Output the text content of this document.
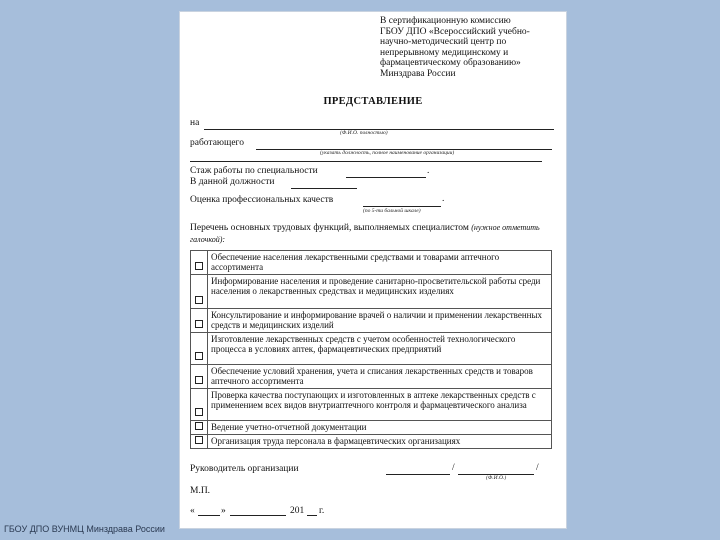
В сертификационную комиссию
ГБОУ ДПО «Всероссийский учебно-
научно-методический центр по
непрерывному медицинскому и
фармацевтическому образованию»
Минздрава России
ПРЕДСТАВЛЕНИЕ
на
(Ф.И.О. полностью)
работающего
(указать должность, полное наименование организации)
Стаж работы по специальности	.
В данной должности
Оценка профессиональных качеств	.
(по 5-ти бальной шкале)
Перечень основных трудовых функций, выполняемых специалистом (нужное отметить галочкой):
	Обеспечение населения лекарственными средствами и товарами аптечного ассортимента
	Информирование населения и проведение санитарно-просветительской работы среди населения о лекарственных средствах и медицинских изделиях
	Консультирование и информирование врачей о наличии и применении лекарственных средств и медицинских изделий
	Изготовление лекарственных средств с учетом особенностей технологического процесса в условиях аптек, фармацевтических предприятий
	Обеспечение условий хранения, учета и списания лекарственных средств и товаров аптечного ассортимента
	Проверка качества поступающих и изготовленных в аптеке лекарственных средств с применением всех видов внутриаптечного контроля и фармацевтического анализа
	Ведение учетно-отчетной документации
	Организация труда персонала в фармацевтических организациях
Руководитель организации	/	/
(Ф.И.О.)
М.П.
«	»	201 г.
ГБОУ ДПО ВУНМЦ Минздрава России
